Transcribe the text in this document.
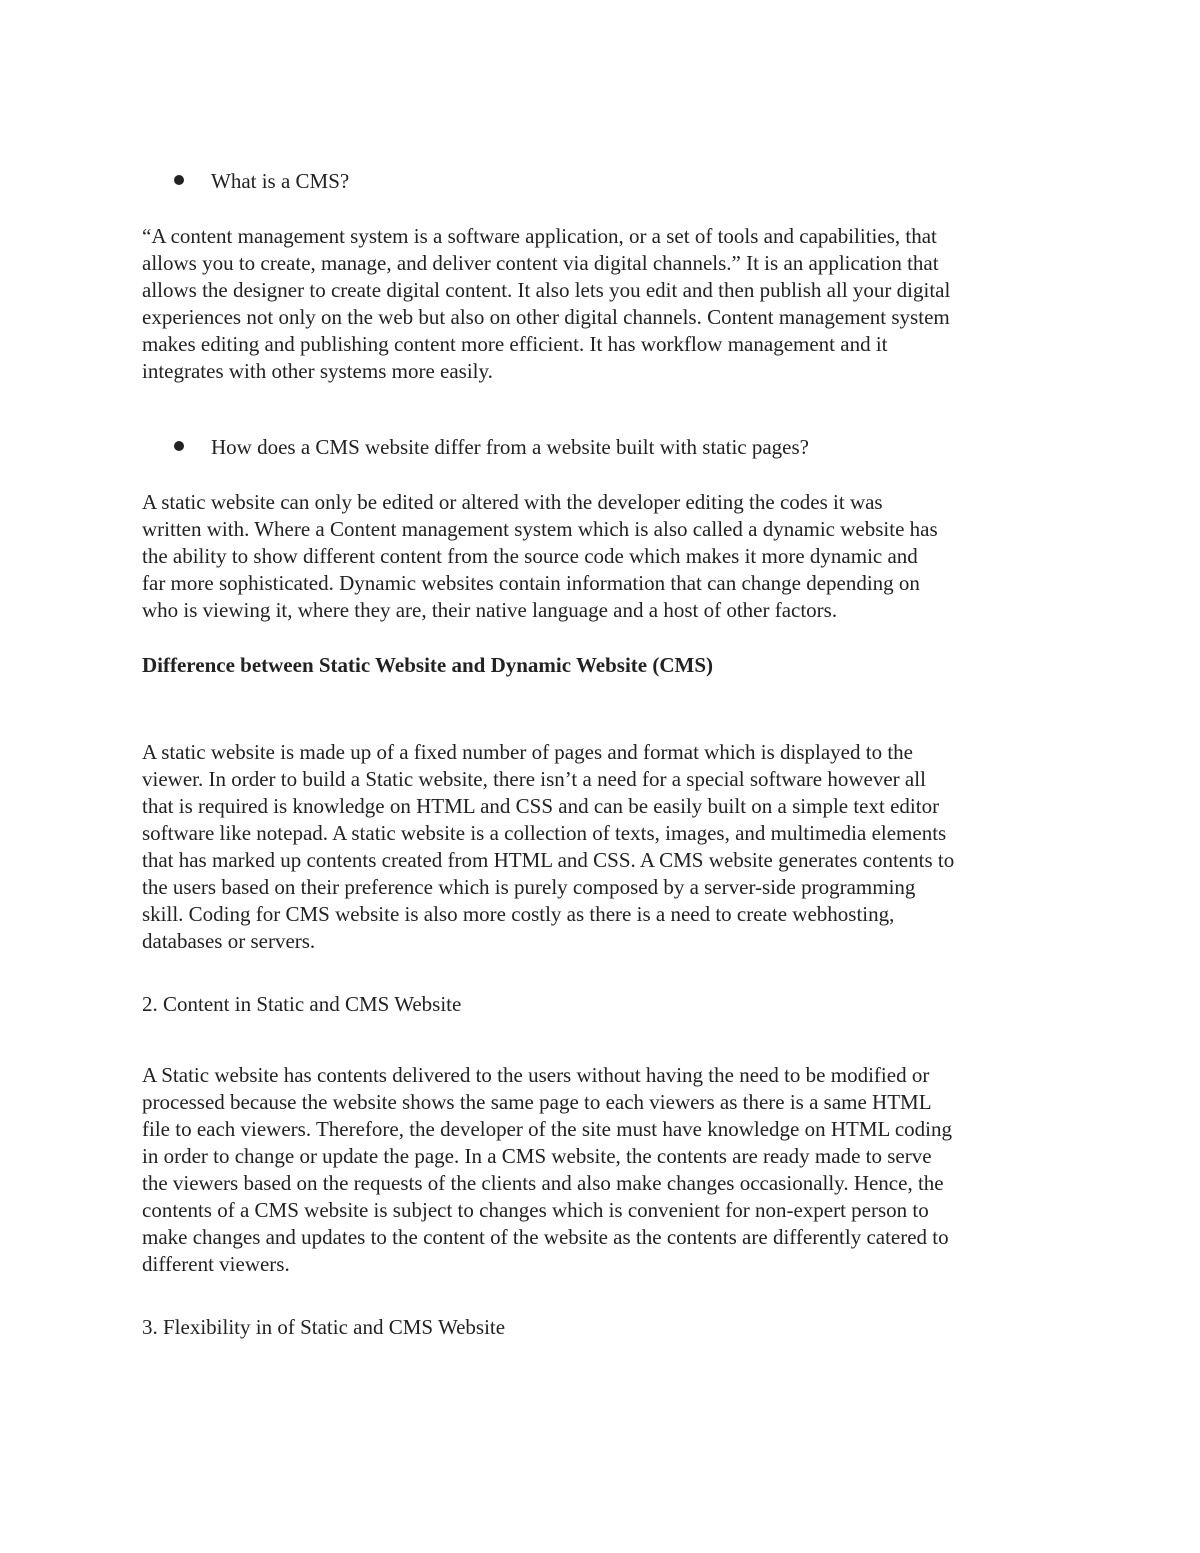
What is a CMS?

“A content management system is a software application, or a set of tools and capabilities, that
allows you to create, manage, and deliver content via digital channels.” It is an application that
allows the designer to create digital content. It also lets you edit and then publish all your digital
experiences not only on the web but also on other digital channels. Content management system
makes editing and publishing content more efficient. It has workflow management and it
integrates with other systems more easily.

How does a CMS website differ from a website built with static pages?

A static website can only be edited or altered with the developer editing the codes it was
written with. Where a Content management system which is also called a dynamic website has
the ability to show different content from the source code which makes it more dynamic and
far more sophisticated. Dynamic websites contain information that can change depending on
who is viewing it, where they are, their native language and a host of other factors.

Difference between Static Website and Dynamic Website (CMS)

A static website is made up of a fixed number of pages and format which is displayed to the
viewer. In order to build a Static website, there isn’t a need for a special software however all
that is required is knowledge on HTML and CSS and can be easily built on a simple text editor
software like notepad. A static website is a collection of texts, images, and multimedia elements
that has marked up contents created from HTML and CSS. A CMS website generates contents to
the users based on their preference which is purely composed by a server-side programming
skill. Coding for CMS website is also more costly as there is a need to create webhosting,
databases or servers.

2. Content in Static and CMS Website

A Static website has contents delivered to the users without having the need to be modified or
processed because the website shows the same page to each viewers as there is a same HTML
file to each viewers. Therefore, the developer of the site must have knowledge on HTML coding
in order to change or update the page. In a CMS website, the contents are ready made to serve
the viewers based on the requests of the clients and also make changes occasionally. Hence, the
contents of a CMS website is subject to changes which is convenient for non-expert person to
make changes and updates to the content of the website as the contents are differently catered to
different viewers.

3. Flexibility in of Static and CMS Website
